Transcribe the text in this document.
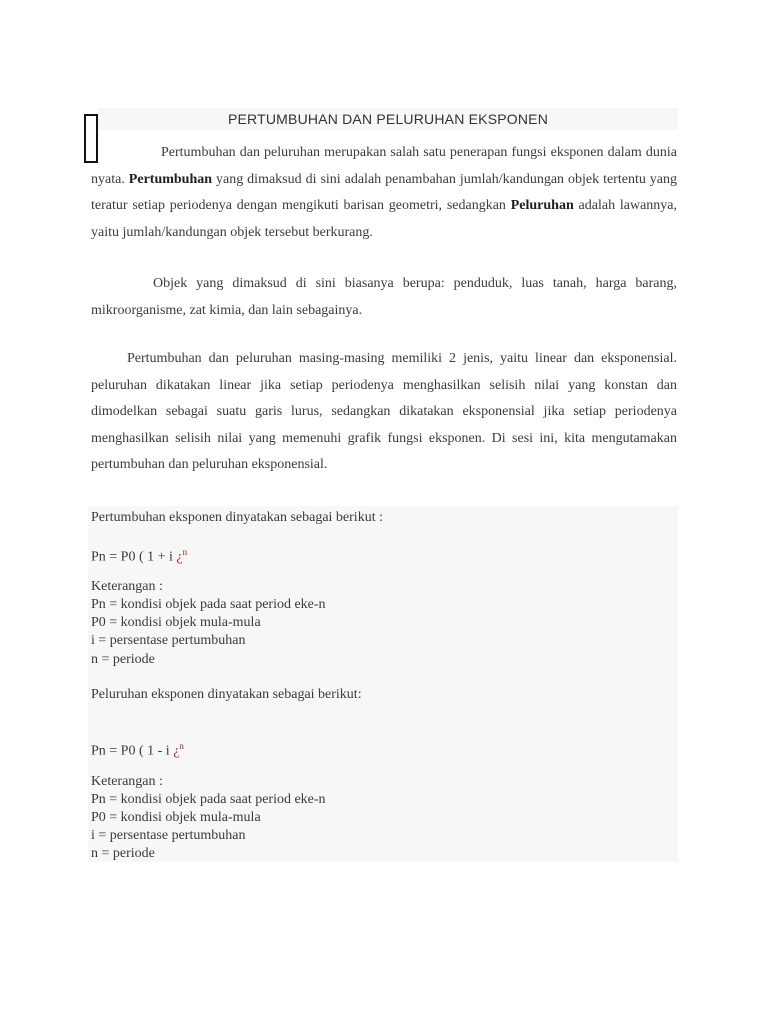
PERTUMBUHAN DAN PELURUHAN EKSPONEN

Pertumbuhan dan peluruhan merupakan salah satu penerapan fungsi eksponen dalam dunia nyata. Pertumbuhan yang dimaksud di sini adalah penambahan jumlah/kandungan objek tertentu yang teratur setiap periodenya dengan mengikuti barisan geometri, sedangkan Peluruhan adalah lawannya, yaitu jumlah/kandungan objek tersebut berkurang.

Objek yang dimaksud di sini biasanya berupa: penduduk, luas tanah, harga barang, mikroorganisme, zat kimia, dan lain sebagainya.

Pertumbuhan dan peluruhan masing-masing memiliki 2 jenis, yaitu linear dan eksponensial. peluruhan dikatakan linear jika setiap periodenya menghasilkan selisih nilai yang konstan dan dimodelkan sebagai suatu garis lurus, sedangkan dikatakan eksponensial jika setiap periodenya menghasilkan selisih nilai yang memenuhi grafik fungsi eksponen. Di sesi ini, kita mengutamakan pertumbuhan dan peluruhan eksponensial.

Pertumbuhan eksponen dinyatakan sebagai berikut :
Pn = P0 ( 1 + i ¿$^n$
Keterangan :
Pn = kondisi objek pada saat period eke-n
P0 = kondisi objek mula-mula
i = persentase pertumbuhan
n = periode
Peluruhan eksponen dinyatakan sebagai berikut:
Pn = P0 ( 1 - i ¿$^n$
Keterangan :
Pn = kondisi objek pada saat period eke-n
P0 = kondisi objek mula-mula
i = persentase pertumbuhan
n = periode
